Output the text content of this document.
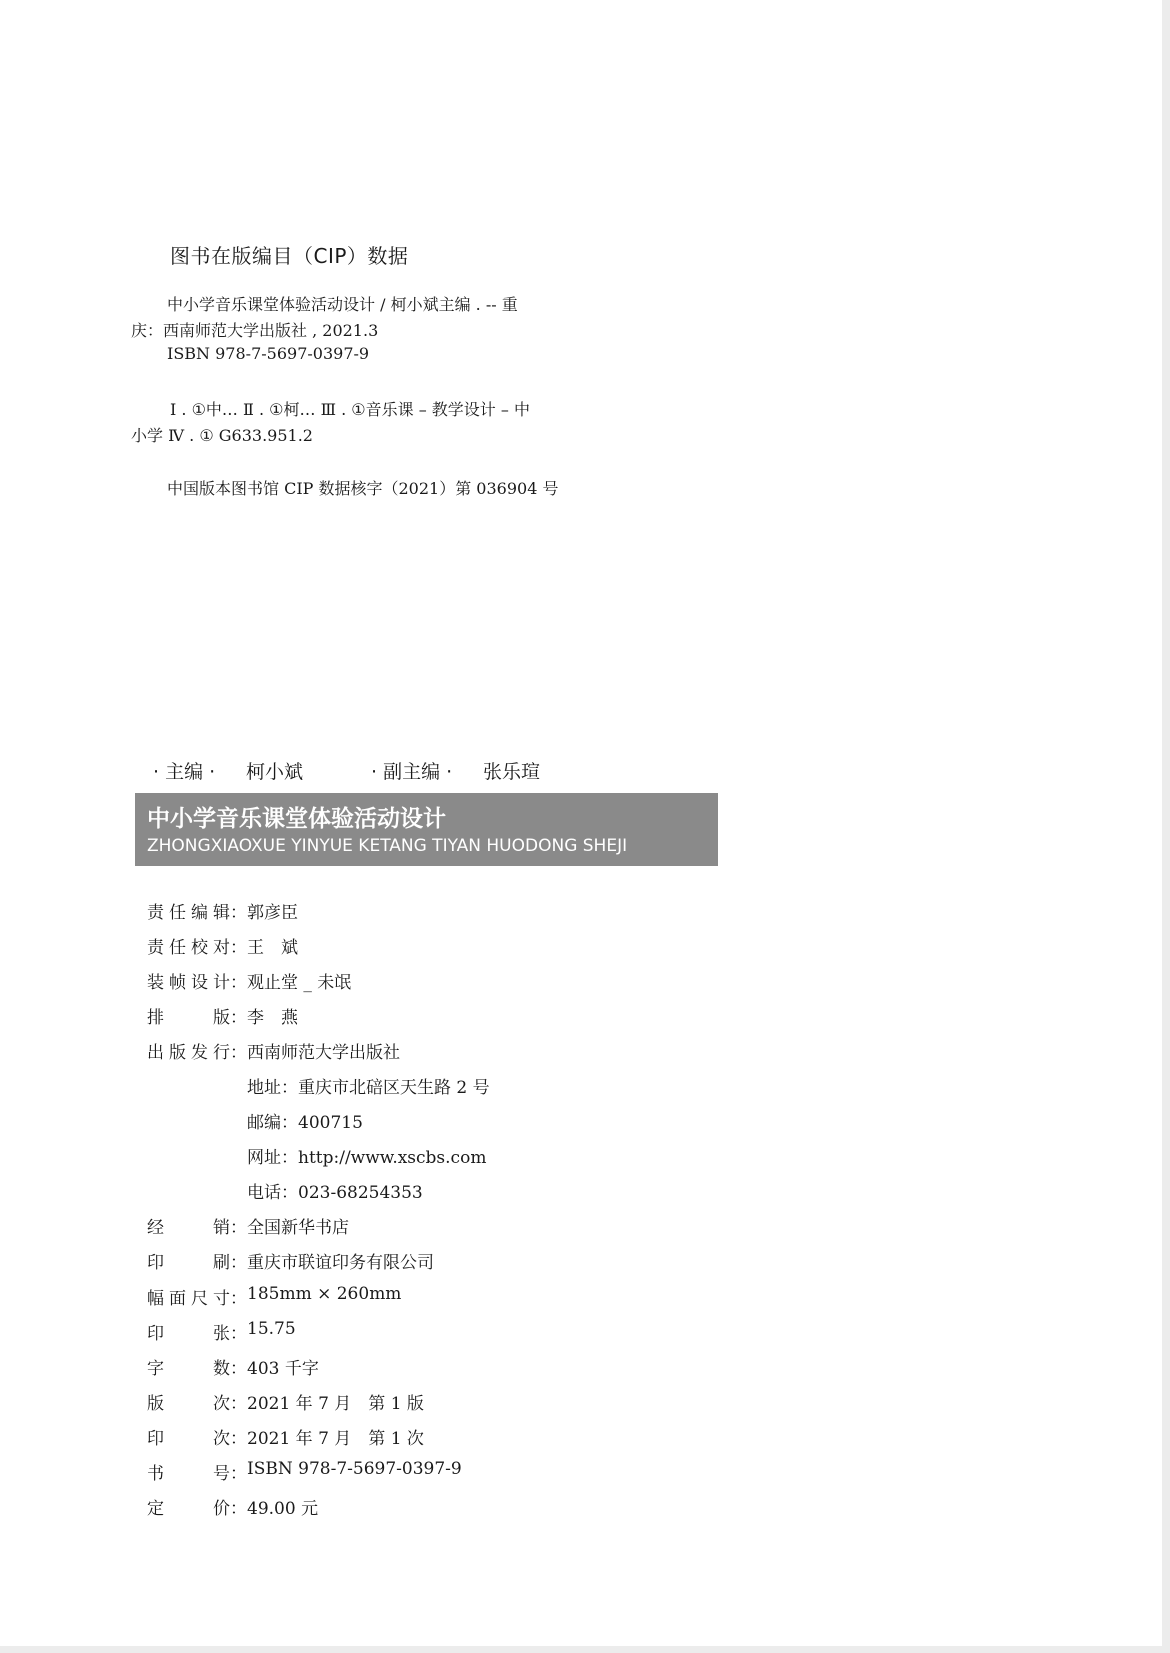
图书在版编目（CIP）数据
中小学音乐课堂体验活动设计 / 柯小斌主编 . -- 重
庆：西南师范大学出版社 , 2021.3
ISBN 978-7-5697-0397-9
Ⅰ . ①中… Ⅱ . ①柯… Ⅲ . ①音乐课 – 教学设计 – 中
小学 Ⅳ . ① G633.951.2
中国版本图书馆 CIP 数据核字（2021）第 036904 号
· 主编 · 柯小斌	· 副主编 · 张乐瑄
中小学音乐课堂体验活动设计
ZHONGXIAOXUE YINYUE KETANG TIYAN HUODONG SHEJI
责 任 编 辑 ： 郭彦臣
责 任 校 对 ： 王　斌
装 帧 设 计 ： 观止堂 _ 未氓
排	版 ： 李　燕
出 版 发 行 ： 西南师范大学出版社
地址：重庆市北碚区天生路 2 号
邮编：400715
网址：http://www.xscbs.com
电话：023-68254353
经	销 ： 全国新华书店
印	刷 ： 重庆市联谊印务有限公司
幅 面 尺 寸 ： 185mm × 260mm
印	张 ： 15.75
字	数 ： 403 千字
版	次 ： 2021 年 7 月　第 1 版
印	次 ： 2021 年 7 月　第 1 次
书	号 ： ISBN 978-7-5697-0397-9
定	价 ： 49.00 元
